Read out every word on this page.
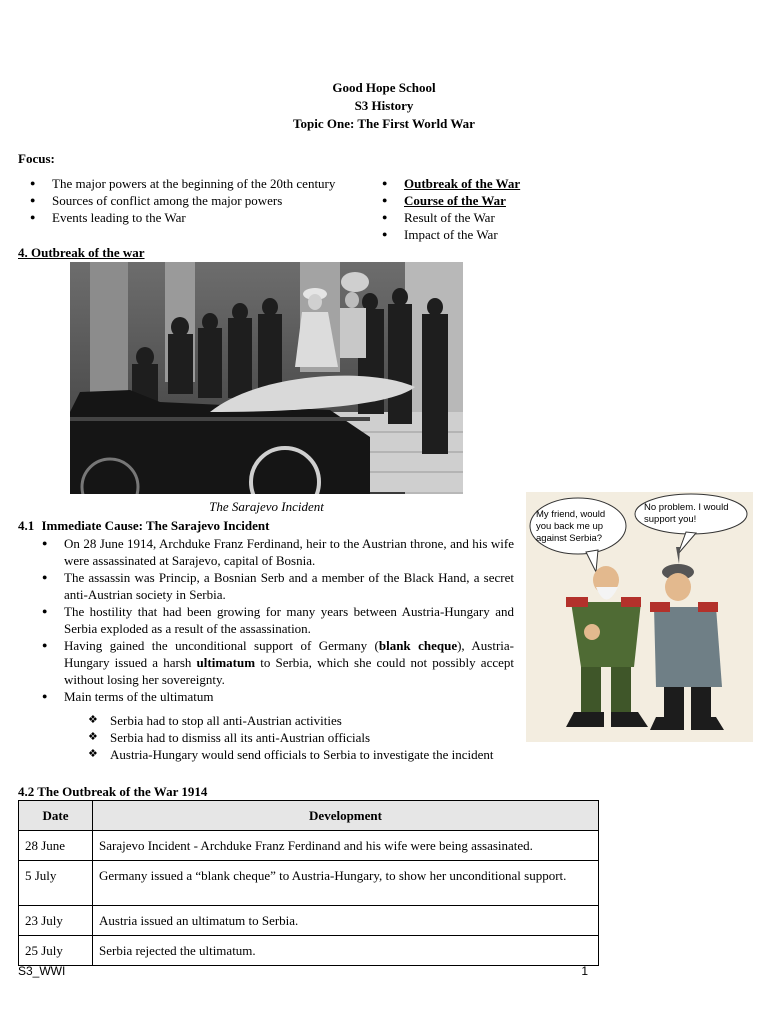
Good Hope School
S3 History
Topic One: The First World War
Focus:
● The major powers at the beginning of the 20th century
● Sources of conflict among the major powers
● Events leading to the War
● Outbreak of the War
● Course of the War
● Result of the War
● Impact of the War
4. Outbreak of the war
The Sarajevo Incident
My friend, would you back me up against Serbia?
No problem. I would support you!
4.1 Immediate Cause: The Sarajevo Incident
● On 28 June 1914, Archduke Franz Ferdinand, heir to the Austrian throne, and his wife were assassinated at Sarajevo, capital of Bosnia.
● The assassin was Princip, a Bosnian Serb and a member of the Black Hand, a secret anti-Austrian society in Serbia.
● The hostility that had been growing for many years between Austria-Hungary and Serbia exploded as a result of the assassination.
● Having gained the unconditional support of Germany (blank cheque), Austria-Hungary issued a harsh ultimatum to Serbia, which she could not possibly accept without losing her sovereignty.
● Main terms of the ultimatum
❖ Serbia had to stop all anti-Austrian activities
❖ Serbia had to dismiss all its anti-Austrian officials
❖ Austria-Hungary would send officials to Serbia to investigate the incident
4.2 The Outbreak of the War 1914
Date	Development
28 June	Sarajevo Incident - Archduke Franz Ferdinand and his wife were being assasinated.
5 July	Germany issued a “blank cheque” to Austria-Hungary, to show her unconditional support.
23 July	Austria issued an ultimatum to Serbia.
25 July	Serbia rejected the ultimatum.
S3_WWI	1
